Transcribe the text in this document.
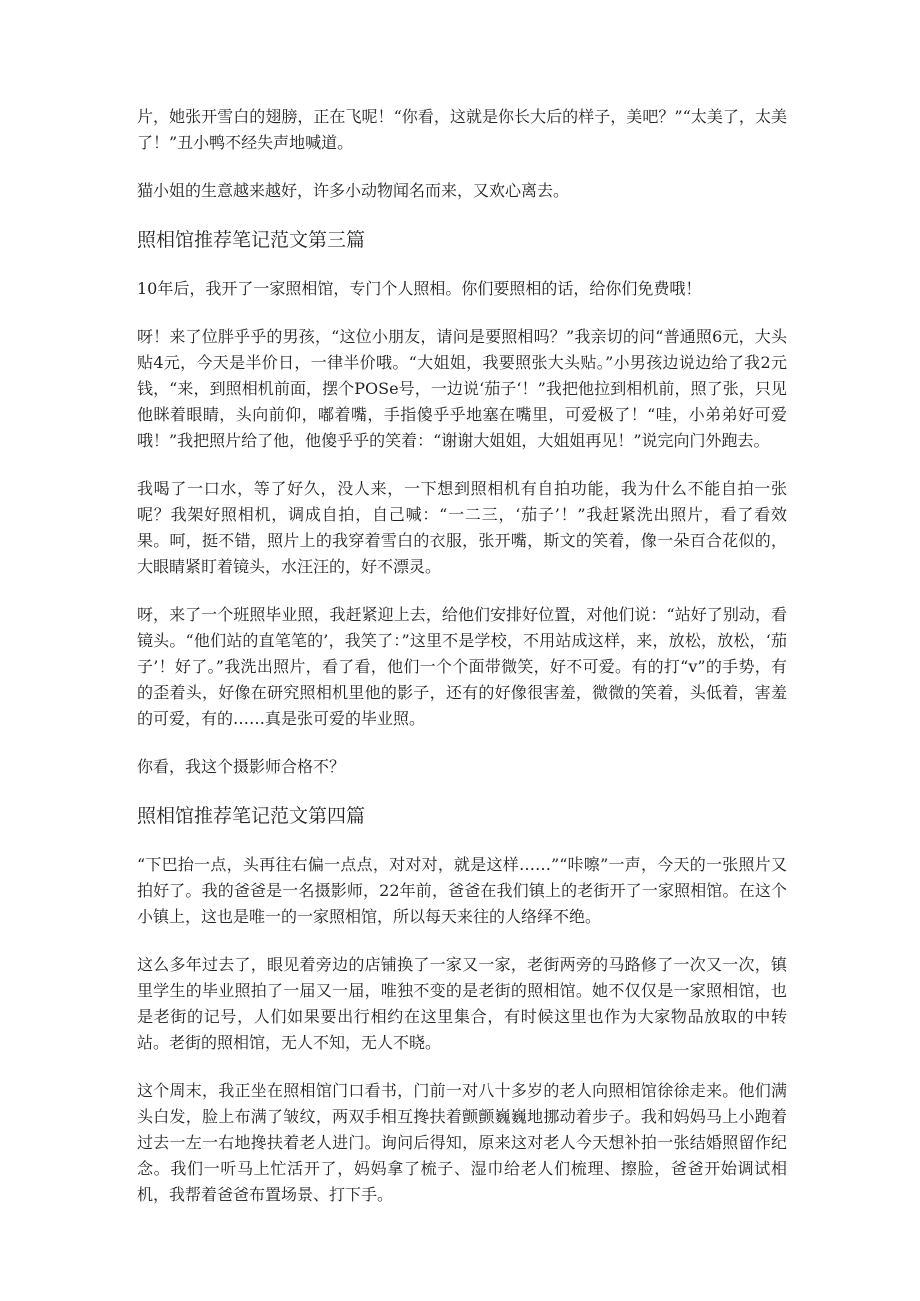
片，她张开雪白的翅膀，正在飞呢！“你看，这就是你长大后的样子，美吧？”“太美了，太美了！”丑小鸭不经失声地喊道。

猫小姐的生意越来越好，许多小动物闻名而来，又欢心离去。

照相馆推荐笔记范文第三篇

10年后，我开了一家照相馆，专门个人照相。你们要照相的话，给你们免费哦！

呀！来了位胖乎乎的男孩，“这位小朋友，请问是要照相吗？”我亲切的问“普通照6元，大头贴4元，今天是半价日，一律半价哦。“大姐姐，我要照张大头贴。”小男孩边说边给了我2元钱，“来，到照相机前面，摆个POSe号，一边说‘茄子‘！”我把他拉到相机前，照了张，只见他眯着眼睛，头向前仰，嘟着嘴，手指傻乎乎地塞在嘴里，可爱极了！“哇，小弟弟好可爱哦！”我把照片给了他，他傻乎乎的笑着：“谢谢大姐姐，大姐姐再见！”说完向门外跑去。

我喝了一口水，等了好久，没人来，一下想到照相机有自拍功能，我为什么不能自拍一张呢？我架好照相机，调成自拍，自己喊：“一二三，‘茄子’！”我赶紧洗出照片，看了看效果。呵，挺不错，照片上的我穿着雪白的衣服，张开嘴，斯文的笑着，像一朵百合花似的，大眼睛紧盯着镜头，水汪汪的，好不漂灵。

呀，来了一个班照毕业照，我赶紧迎上去，给他们安排好位置，对他们说：“站好了别动，看镜头。“他们站的直笔笔的’，我笑了：”这里不是学校，不用站成这样，来，放松，放松，‘茄子’！好了。”我洗出照片，看了看，他们一个个面带微笑，好不可爱。有的打“v”的手势，有的歪着头，好像在研究照相机里他的影子，还有的好像很害羞，微微的笑着，头低着，害羞的可爱，有的……真是张可爱的毕业照。

你看，我这个摄影师合格不？

照相馆推荐笔记范文第四篇

“下巴抬一点，头再往右偏一点点，对对对，就是这样……”“咔嚓”一声，今天的一张照片又拍好了。我的爸爸是一名摄影师，22年前，爸爸在我们镇上的老街开了一家照相馆。在这个小镇上，这也是唯一的一家照相馆，所以每天来往的人络绎不绝。

这么多年过去了，眼见着旁边的店铺换了一家又一家，老街两旁的马路修了一次又一次，镇里学生的毕业照拍了一届又一届，唯独不变的是老街的照相馆。她不仅仅是一家照相馆，也是老街的记号，人们如果要出行相约在这里集合，有时候这里也作为大家物品放取的中转站。老街的照相馆，无人不知，无人不晓。

这个周末，我正坐在照相馆门口看书，门前一对八十多岁的老人向照相馆徐徐走来。他们满头白发，脸上布满了皱纹，两双手相互搀扶着颤颤巍巍地挪动着步子。我和妈妈马上小跑着过去一左一右地搀扶着老人进门。询问后得知，原来这对老人今天想补拍一张结婚照留作纪念。我们一听马上忙活开了，妈妈拿了梳子、湿巾给老人们梳理、擦脸，爸爸开始调试相机，我帮着爸爸布置场景、打下手。
